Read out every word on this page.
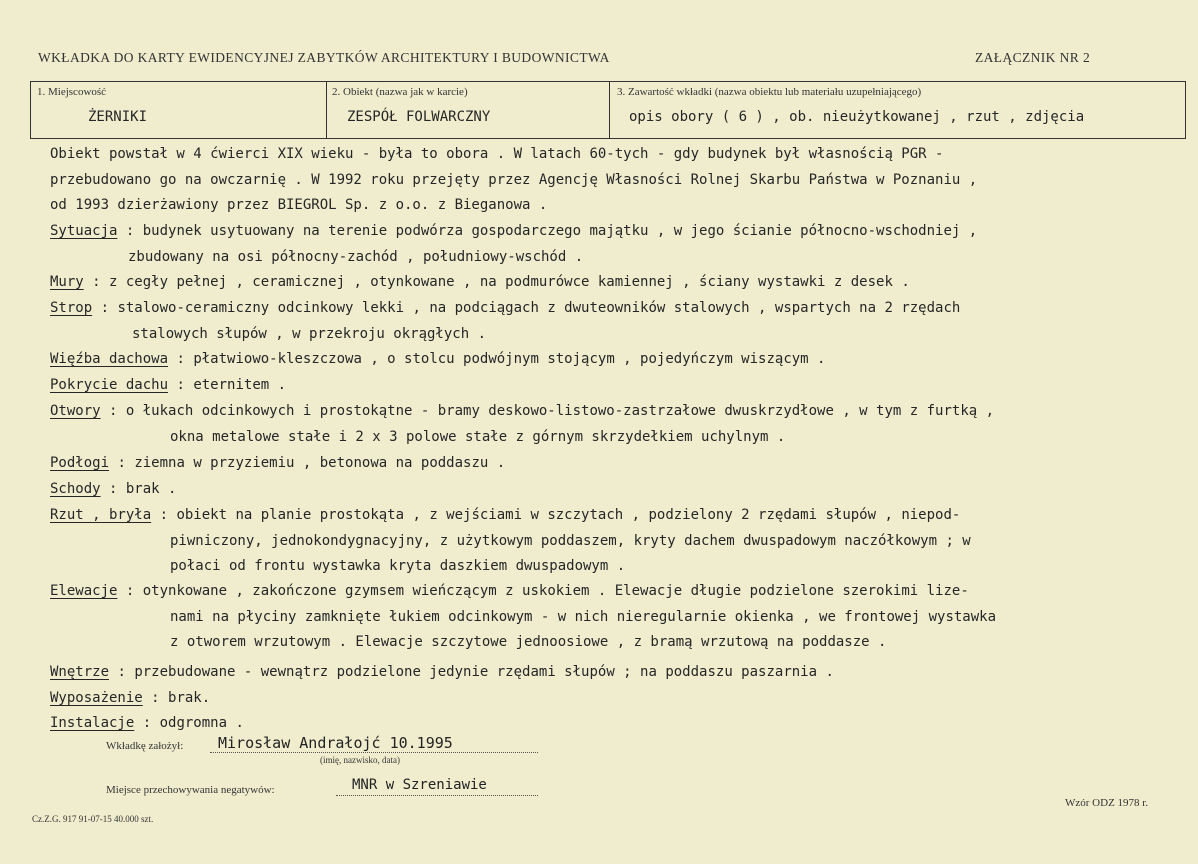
WKŁADKA DO KARTY EWIDENCYJNEJ ZABYTKÓW ARCHITEKTURY I BUDOWNICTWA	ZAŁĄCZNIK NR 2
1. Miejscowość
ŻERNIKI
2. Obiekt (nazwa jak w karcie)
ZESPÓŁ FOLWARCZNY
3. Zawartość wkładki (nazwa obiektu lub materiału uzupełniającego)
opis obory ( 6 ) , ob. nieużytkowanej , rzut , zdjęcia
Obiekt powstał w 4 ćwierci XIX wieku - była to obora . W latach 60-tych - gdy budynek był własnością PGR -
przebudowano go na owczarnię . W 1992 roku przejęty przez Agencję Własności Rolnej Skarbu Państwa w Poznaniu ,
od 1993 dzierżawiony przez BIEGROL Sp. z o.o. z Bieganowa .
Sytuacja : budynek usytuowany na terenie podwórza gospodarczego majątku , w jego ścianie północno-wschodniej ,
zbudowany na osi północny-zachód , południowy-wschód .
Mury : z cegły pełnej , ceramicznej , otynkowane , na podmurówce kamiennej , ściany wystawki z desek .
Strop : stalowo-ceramiczny odcinkowy lekki , na podciągach z dwuteowników stalowych , wspartych na 2 rzędach
stalowych słupów , w przekroju okrągłych .
Więźba dachowa : płatwiowo-kleszczowa , o stolcu podwójnym stojącym , pojedyńczym wiszącym .
Pokrycie dachu : eternitem .
Otwory : o łukach odcinkowych i prostokątne - bramy deskowo-listowo-zastrzałowe dwuskrzydłowe , w tym z furtką ,
okna metalowe stałe i 2 x 3 polowe stałe z górnym skrzydełkiem uchylnym .
Podłogi : ziemna w przyziemiu , betonowa na poddaszu .
Schody : brak .
Rzut , bryła : obiekt na planie prostokąta , z wejściami w szczytach , podzielony 2 rzędami słupów , niepod-
piwniczony, jednokondygnacyjny, z użytkowym poddaszem, kryty dachem dwuspadowym naczółkowym ; w
połaci od frontu wystawka kryta daszkiem dwuspadowym .
Elewacje : otynkowane , zakończone gzymsem wieńczącym z uskokiem . Elewacje długie podzielone szerokimi lize-
nami na płyciny zamknięte łukiem odcinkowym - w nich nieregularnie okienka , we frontowej wystawka
z otworem wrzutowym . Elewacje szczytowe jednoosiowe , z bramą wrzutową na poddasze .
Wnętrze : przebudowane - wewnątrz podzielone jedynie rzędami słupów ; na poddaszu paszarnia .
Wyposażenie : brak.
Instalacje : odgromna .
Wkładkę założył: Mirosław Andrałojć 10.1995
(imię, nazwisko, data)
Miejsce przechowywania negatywów:	MNR w Szreniawie
Cz.Z.G. 917 91-07-15 40.000 szt.
Wzór ODZ 1978 r.
